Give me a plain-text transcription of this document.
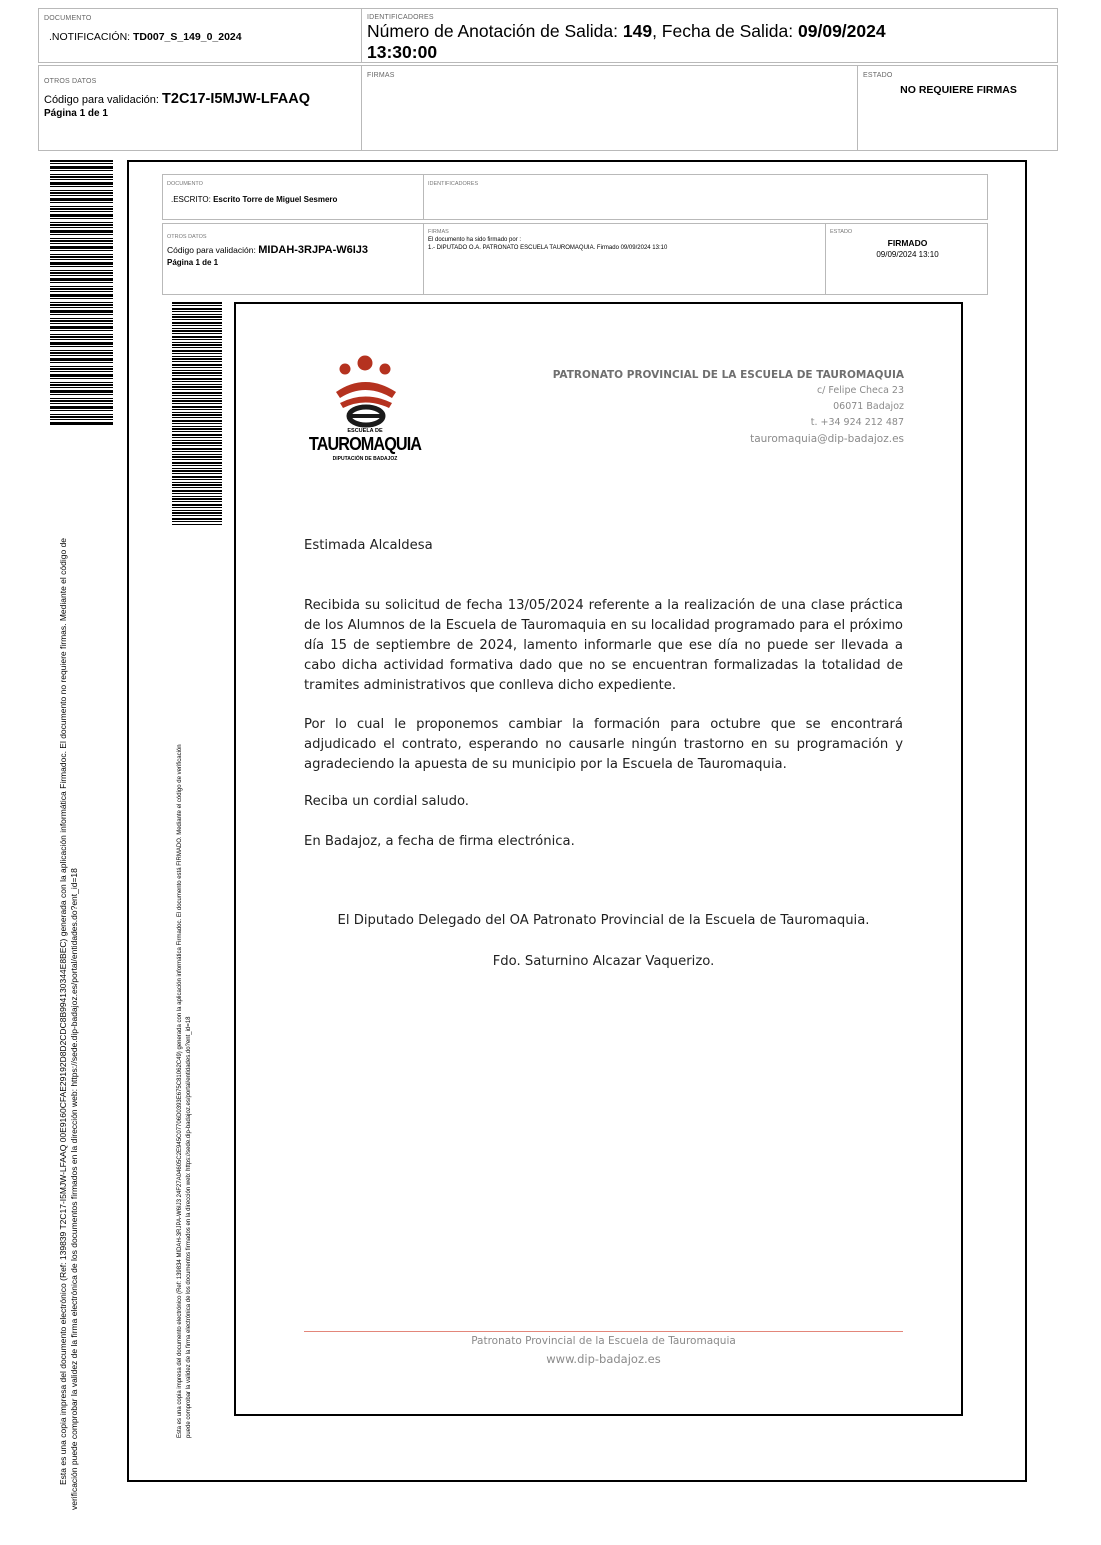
DOCUMENTO
.NOTIFICACIÓN: TD007_S_149_0_2024
IDENTIFICADORES
Número de Anotación de Salida: 149, Fecha de Salida: 09/09/2024
13:30:00
OTROS DATOS
Código para validación: T2C17-I5MJW-LFAAQ
Página 1 de 1
FIRMAS	ESTADO
NO REQUIERE FIRMAS
Esta es una copia impresa del documento electrónico (Ref: 139839 T2C17-I5MJW-LFAAQ 00E9160CFAE29192D8D2CDC8B994130344E8BEC) generada con la aplicación informática Firmadoc. El documento no requiere firmas. Mediante el código de verificación puede comprobar la validez de la firma electrónica de los documentos firmados en la dirección web: https://sede.dip-badajoz.es/portal/entidades.do?ent_id=18
DOCUMENTO
.ESCRITO: Escrito Torre de Miguel Sesmero
IDENTIFICADORES
OTROS DATOS
Código para validación: MIDAH-3RJPA-W6IJ3
Página 1 de 1
FIRMAS
El documento ha sido firmado por :
1.- DIPUTADO O.A. PATRONATO ESCUELA TAUROMAQUIA. Firmado 09/09/2024 13:10
ESTADO
FIRMADO
09/09/2024 13:10
Esta es una copia impresa del documento electrónico (Ref: 139834 MIDAH-3RJPA-W6IJ3 24F27A04605C2E945C07706D0393E675C81062C49) generada con la aplicación informática Firmadoc. El documento está FIRMADO. Mediante el código de verificación puede comprobar la validez de la firma electrónica de los documentos firmados en la dirección web: https://sede.dip-badajoz.es/portal/entidades.do?ent_id=18
ESCUELA DE
TAUROMAQUIA
DIPUTACIÓN DE BADAJOZ
PATRONATO PROVINCIAL DE LA ESCUELA DE TAUROMAQUIA
c/ Felipe Checa 23
06071 Badajoz
t. +34 924 212 487
tauromaquia@dip-badajoz.es
Estimada Alcaldesa
Recibida su solicitud de fecha 13/05/2024 referente a la realización de una clase práctica de los Alumnos de la Escuela de Tauromaquia en su localidad programado para el próximo día 15 de septiembre de 2024, lamento informarle que ese día no puede ser llevada a cabo dicha actividad formativa dado que no se encuentran formalizadas la totalidad de tramites administrativos que conlleva dicho expediente.
Por lo cual le proponemos cambiar la formación para octubre que se encontrará adjudicado el contrato, esperando no causarle ningún trastorno en su programación y agradeciendo la apuesta de su municipio por la Escuela de Tauromaquia.
Reciba un cordial saludo.
En Badajoz, a fecha de firma electrónica.
El Diputado Delegado del OA Patronato Provincial de la Escuela de Tauromaquia.
Fdo. Saturnino Alcazar Vaquerizo.
Patronato Provincial de la Escuela de Tauromaquia
www.dip-badajoz.es
